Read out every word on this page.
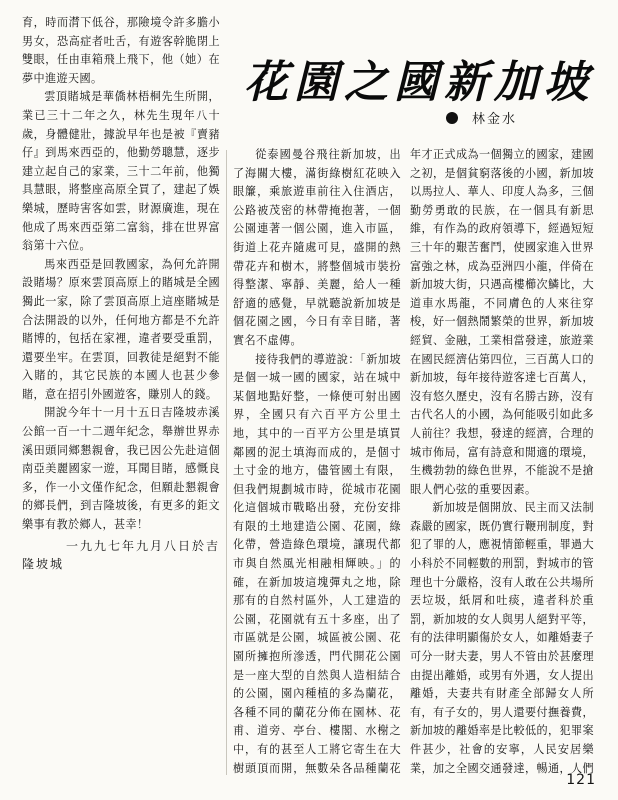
育，時而潸下低谷，那險境令許多膽小男女，恐高症者吐舌，有遊客幹脆閉上雙眼，任由車箱飛上飛下，他（她）在夢中進遊天國。

雲頂賭城是華僑林梧桐先生所開，業已三十二年之久，林先生現年八十歲，身體健壯，據說早年也是被『賣豬仔』到馬來西亞的，他勤勞聰慧，逐步建立起自己的家業，三十二年前，他獨具慧眼，將整座高原全買了，建起了娛樂城，歷時害客如雲，財源廣進，現在他成了馬來西亞第二富翁，排在世界富翁第十六位。

馬來西亞是回教國家，為何允許開設賭場？原來雲頂高原上的賭城是全國獨此一家，除了雲頂高原上這座賭城是合法開設的以外，任何地方都是不允許賭博的，包括在家裡，違者要受重罰，還要坐牢。在雲頂，回教徒是絕對不能入賭的，其它民族的本國人也甚少參賭，意在招引外國遊客，賺別人的錢。

開說今年十一月十五日吉隆坡赤溪公館一百一十二週年紀念，舉辦世界赤溪田頭同鄉懇親會，我已因公先赴這個南亞美麗國家一遊，耳聞目睹，感慨良多，作一小文僅作紀念，但願赴懇親會的鄉長們，到吉隆坡後，有更多的鉅文樂事有教於鄉人，甚幸！

一九九七年九月八日於吉
隆坡城
花園之國新加坡
林金水

從泰國曼谷飛往新加坡，出了海關大樓，滿街綠樹紅花映入眼簾，乘旅遊車前往入住酒店，公路被茂密的林帶掩抱著，一個公園連著一個公園，進入市區，街道上花卉隨處可見，盛開的熱帶花卉和樹木，將整個城市裝扮得整潔、寧靜、美麗，給人一種舒適的感覺，早就聽說新加坡是個花園之國，今日有幸目睹，著實名不虛傳。

接待我們的導遊說：「新加坡是個一城一國的國家，站在城中某個地點好整，一條便可射出國界，全國只有六百平方公里土地，其中的一百平方公里是填買鄰國的泥土填海而成的，是個寸土寸金的地方，儘管國土有限，但我們規劃城市時，從城市花園化這個城市戰略出發，充份安排有限的土地建造公園、花園，綠化帶，營造綠色環境，讓現代都市與自然風光相融相輝映。」的確，在新加坡這塊彈丸之地，除那有的自然村區外，人工建造的公園，花園就有五十多座，出了市區就是公園，城區被公園、花園所擁抱所滲透，門代開花公園是一座大型的自然與人造相結合的公園，園內種植的多為蘭花，各種不同的蘭花分佈在園林、花甫、道旁、亭台、樓閣、水榭之中，有的甚至人工將它寄生在大樹頭頂而開，無數朵各品種蘭花

年才正式成為一個獨立的國家，建國之初，是個貧窮落後的小國，新加坡以馬拉人、華人、印度人為多，三個勤勞勇敢的民族，在一個具有新思維，有作為的政府領導下，經過短短三十年的艱苦奮鬥，使國家進入世界富強之林，成為亞洲四小龍，伴倚在新加坡大街，只遇高樓櫛次鱗比，大道車水馬龍，不同膚色的人來往穿梭，好一個熱鬧繁榮的世界，新加坡經貿、金融，工業相當發達，旅遊業在國民經濟佔第四位，三百萬人口的新加坡，每年接待遊客達七百萬人，沒有悠久歷史，沒有名勝古跡，沒有古代名人的小國，為何能吸引如此多人前往？我想，發達的經濟，合理的城市佈局，富有詩意和閒適的環境，生機勃勃的綠色世界，不能說不是搶眼人們心弦的重要因素。

新加坡是個開放、民主而又法制森嚴的國家，既仍實行鞭刑制度，對犯了罪的人，應視情節輕重，罪過大小科於不同輕數的刑罰，對城市的管理也十分嚴格，沒有人敢在公共場所丟垃圾，紙屑和吐痰，違者科於重罰，新加坡的女人與男人絕對平等，有的法律明顯傷於女人，如離婚妻子可分一財夫妻，男人不管由於甚麼理由提出離婚，或男有外遇，女人提出離婚，夫妻共有財產全部歸女人所有，有子女的，男人還要付撫養費，新加坡的離婚率是比較低的，犯罪案件甚少，社會的安寧，人民安居樂業，加之全國交通發達，暢通，人們

121
